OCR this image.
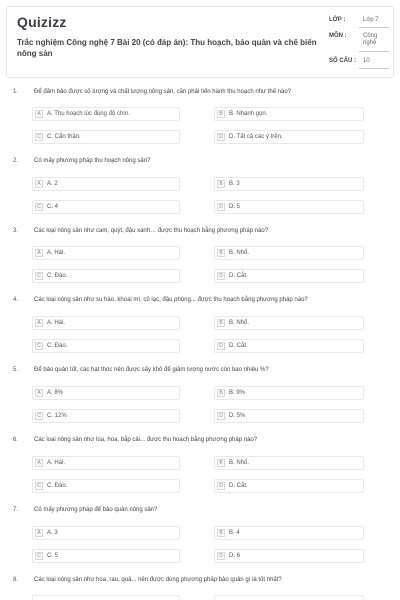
Quizizz
Trắc nghiệm Công nghệ 7 Bài 20 (có đáp án): Thu hoạch, bảo quản và chế biến nông sản
LỚP :	Lớp 7
MÔN :	Công nghệ
SỐ CÂU : 10
1.	Để đảm bảo được số lượng và chất lượng nông sản, cần phải tiến hành thu hoạch như thế nào?
A	A. Thu hoạch lúc đúng độ chín.	B	B. Nhanh gọn.
C	C. Cẩn thận.	D	D. Tất cả các ý trên.
2.	Có mấy phương pháp thu hoạch nông sản?
A	A. 2	B	B. 3
C	C. 4	D	D. 5
3.	Các loại nông sản như cam, quýt, đậu xanh… được thu hoạch bằng phương pháp nào?
A	A. Hái.	B	B. Nhổ.
C	C. Đào.	D	D. Cắt.
4.	Các loại nông sản như su hào, khoai mì, củ lạc, đậu phộng... được thu hoạch bằng phương pháp nào?
A	A. Hái.	B	B. Nhổ.
C	C. Đào.	D	D. Cắt.
5.	Để bảo quản tốt, các hạt thóc nên được sấy khô để giảm lượng nước còn bao nhiêu %?
A	A. 8%	B	B. 9%
C	C. 12%	D	D. 5%
6.	Các loại nông sản như lúa, hoa, bắp cải... được thu hoạch bằng phương pháp nào?
A	A. Hái.	B	B. Nhổ.
C	C. Đào.	D	D. Cắt.
7.	Có mấy phương pháp để bảo quản nông sản?
A	A. 3	B	B. 4
C	C. 5	D	D. 6
8.	Các loại nông sản như hoa, rau, quả... nên được dùng phương pháp bảo quản gì là tốt nhất?
